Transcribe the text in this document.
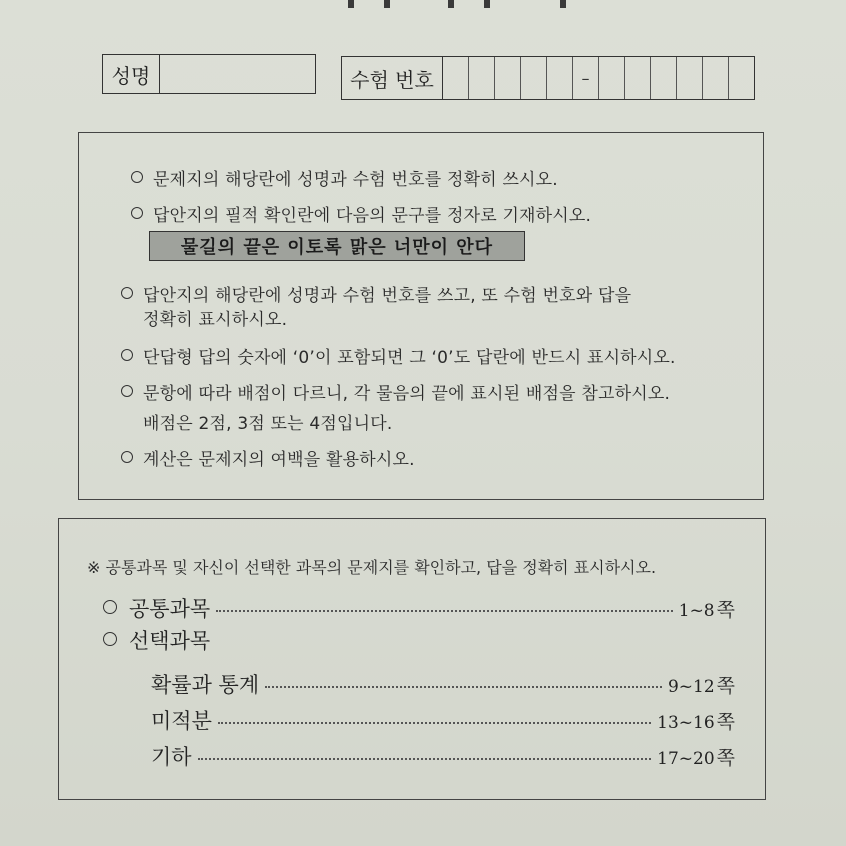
성명	수험 번호	–
문제지의 해당란에 성명과 수험 번호를 정확히 쓰시오.
답안지의 필적 확인란에 다음의 문구를 정자로 기재하시오.
물길의 끝은 이토록 맑은 너만이 안다
답안지의 해당란에 성명과 수험 번호를 쓰고, 또 수험 번호와 답을
정확히 표시하시오.
단답형 답의 숫자에 ‘0’이 포함되면 그 ‘0’도 답란에 반드시 표시하시오.
문항에 따라 배점이 다르니, 각 물음의 끝에 표시된 배점을 참고하시오.
배점은 2점, 3점 또는 4점입니다.
계산은 문제지의 여백을 활용하시오.
※ 공통과목 및 자신이 선택한 과목의 문제지를 확인하고, 답을 정확히 표시하시오.
공통과목	1~8 쪽
선택과목
확률과 통계	9~12 쪽
미적분	13~16 쪽
기하	17~20 쪽
